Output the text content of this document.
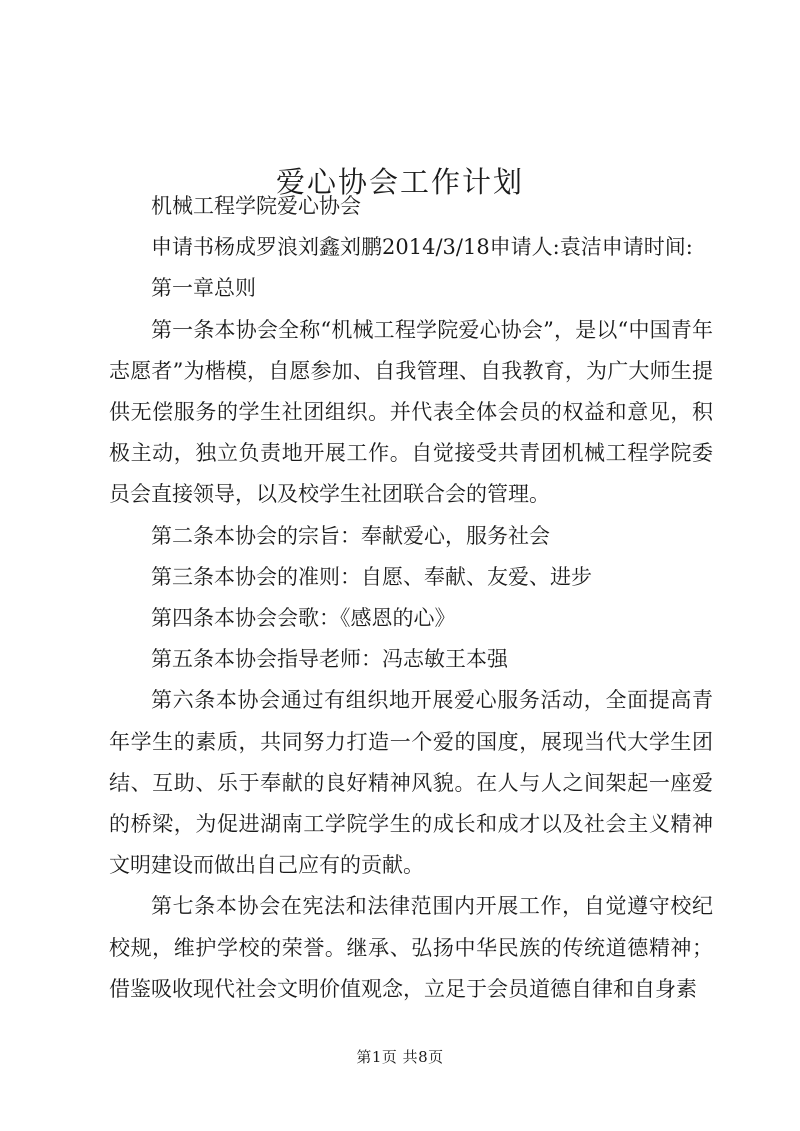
爱心协会工作计划

机械工程学院爱心协会

申请书杨成罗浪刘鑫刘鹏2014/3/18申请人:袁洁申请时间:

第一章总则

第一条本协会全称“机械工程学院爱心协会”，是以“中国青年志愿者”为楷模，自愿参加、自我管理、自我教育，为广大师生提供无偿服务的学生社团组织。并代表全体会员的权益和意见，积极主动，独立负责地开展工作。自觉接受共青团机械工程学院委员会直接领导，以及校学生社团联合会的管理。

第二条本协会的宗旨：奉献爱心，服务社会

第三条本协会的准则：自愿、奉献、友爱、进步

第四条本协会会歌：《感恩的心》

第五条本协会指导老师：冯志敏王本强

第六条本协会通过有组织地开展爱心服务活动，全面提高青年学生的素质，共同努力打造一个爱的国度，展现当代大学生团结、互助、乐于奉献的良好精神风貌。在人与人之间架起一座爱的桥梁，为促进湖南工学院学生的成长和成才以及社会主义精神文明建设而做出自己应有的贡献。

第七条本协会在宪法和法律范围内开展工作，自觉遵守校纪校规，维护学校的荣誉。继承、弘扬中华民族的传统道德精神；借鉴吸收现代社会文明价值观念，立足于会员道德自律和自身素

第1页 共8页
